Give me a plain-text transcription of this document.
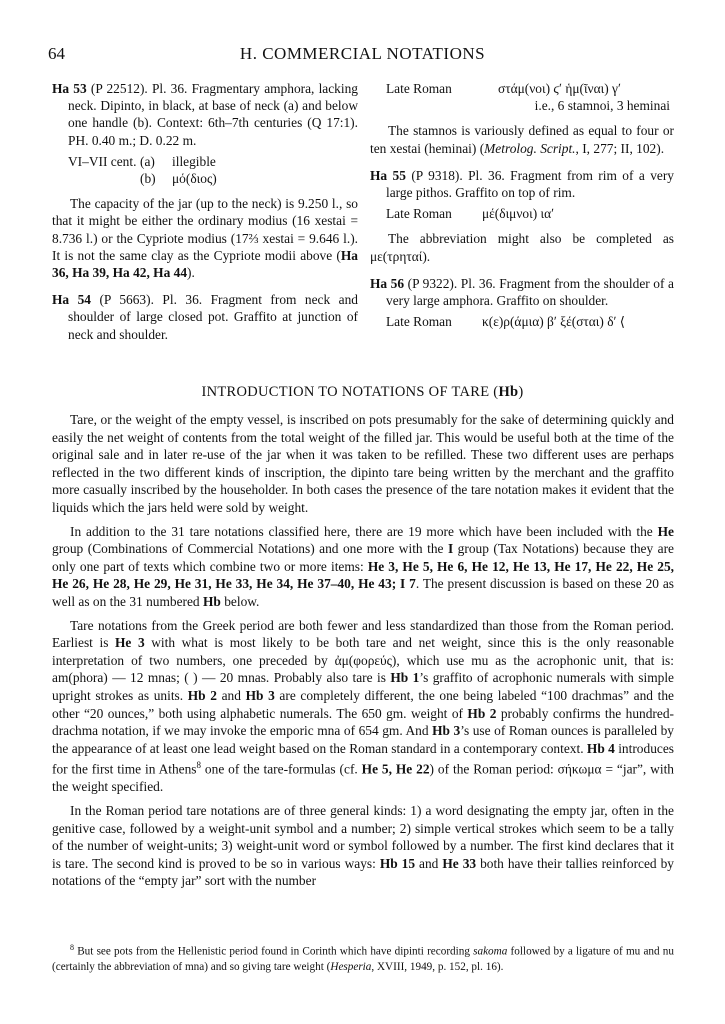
64	H. COMMERCIAL NOTATIONS
Ha 53 (P 22512). Pl. 36. Fragmentary amphora, lacking neck. Dipinto, in black, at base of neck (a) and below one handle (b). Context: 6th–7th centuries (Q 17:1). PH. 0.40 m.; D. 0.22 m.
VI–VII cent. (a)	illegible
(b)	μό(διος)

The capacity of the jar (up to the neck) is 9.250 l., so that it might be either the ordinary modius (16 xestai = 8.736 l.) or the Cypriote modius (17⅔ xestai = 9.646 l.). It is not the same clay as the Cypriote modii above (Ha 36, Ha 39, Ha 42, Ha 44).

Ha 54 (P 5663). Pl. 36. Fragment from neck and shoulder of large closed pot. Graffito at junction of neck and shoulder.
Late Roman	στάμ(νοι) ϛʹ ἡμ(ῖναι) γʹ
i.e., 6 stamnoi, 3 heminai

The stamnos is variously defined as equal to four or ten xestai (heminai) (Metrolog. Script., I, 277; II, 102).

Ha 55 (P 9318). Pl. 36. Fragment from rim of a very large pithos. Graffito on top of rim.
Late Roman	μέ(διμνοι) ιαʹ

The abbreviation might also be completed as με(τρηταί).

Ha 56 (P 9322). Pl. 36. Fragment from the shoulder of a very large amphora. Graffito on shoulder.
Late Roman	κ(ε)ρ(άμια) βʹ ξέ(σται) δʹ ⟨
INTRODUCTION TO NOTATIONS OF TARE (Hb)

Tare, or the weight of the empty vessel, is inscribed on pots presumably for the sake of determining quickly and easily the net weight of contents from the total weight of the filled jar. This would be useful both at the time of the original sale and in later re-use of the jar when it was taken to be refilled. These two different uses are perhaps reflected in the two different kinds of inscription, the dipinto tare being written by the merchant and the graffito more casually inscribed by the householder. In both cases the presence of the tare notation makes it evident that the liquids which the jars held were sold by weight.

In addition to the 31 tare notations classified here, there are 19 more which have been included with the He group (Combinations of Commercial Notations) and one more with the I group (Tax Notations) because they are only one part of texts which combine two or more items: He 3, He 5, He 6, He 12, He 13, He 17, He 22, He 25, He 26, He 28, He 29, He 31, He 33, He 34, He 37–40, He 43; I 7. The present discussion is based on these 20 as well as on the 31 numbered Hb below.

Tare notations from the Greek period are both fewer and less standardized than those from the Roman period. Earliest is He 3 with what is most likely to be both tare and net weight, since this is the only reasonable interpretation of two numbers, one preceded by ἀμ(φορεύς), which use mu as the acrophonic unit, that is: am(phora) — 12 mnas; ( ) — 20 mnas. Probably also tare is Hb 1’s graffito of acrophonic numerals with simple upright strokes as units. Hb 2 and Hb 3 are completely different, the one being labeled “100 drachmas” and the other “20 ounces,” both using alphabetic numerals. The 650 gm. weight of Hb 2 probably confirms the hundred-drachma notation, if we may invoke the emporic mna of 654 gm. And Hb 3’s use of Roman ounces is paralleled by the appearance of at least one lead weight based on the Roman standard in a contemporary context. Hb 4 introduces for the first time in Athens$^8$ one of the tare-formulas (cf. He 5, He 22) of the Roman period: σήκωμα = “jar”, with the weight specified.

In the Roman period tare notations are of three general kinds: 1) a word designating the empty jar, often in the genitive case, followed by a weight-unit symbol and a number; 2) simple vertical strokes which seem to be a tally of the number of weight-units; 3) weight-unit word or symbol followed by a number. The first kind declares that it is tare. The second kind is proved to be so in various ways: Hb 15 and He 33 both have their tallies reinforced by notations of the “empty jar” sort with the number

$^8$ But see pots from the Hellenistic period found in Corinth which have dipinti recording sakoma followed by a ligature of mu and nu (certainly the abbreviation of mna) and so giving tare weight (Hesperia, XVIII, 1949, p. 152, pl. 16).
